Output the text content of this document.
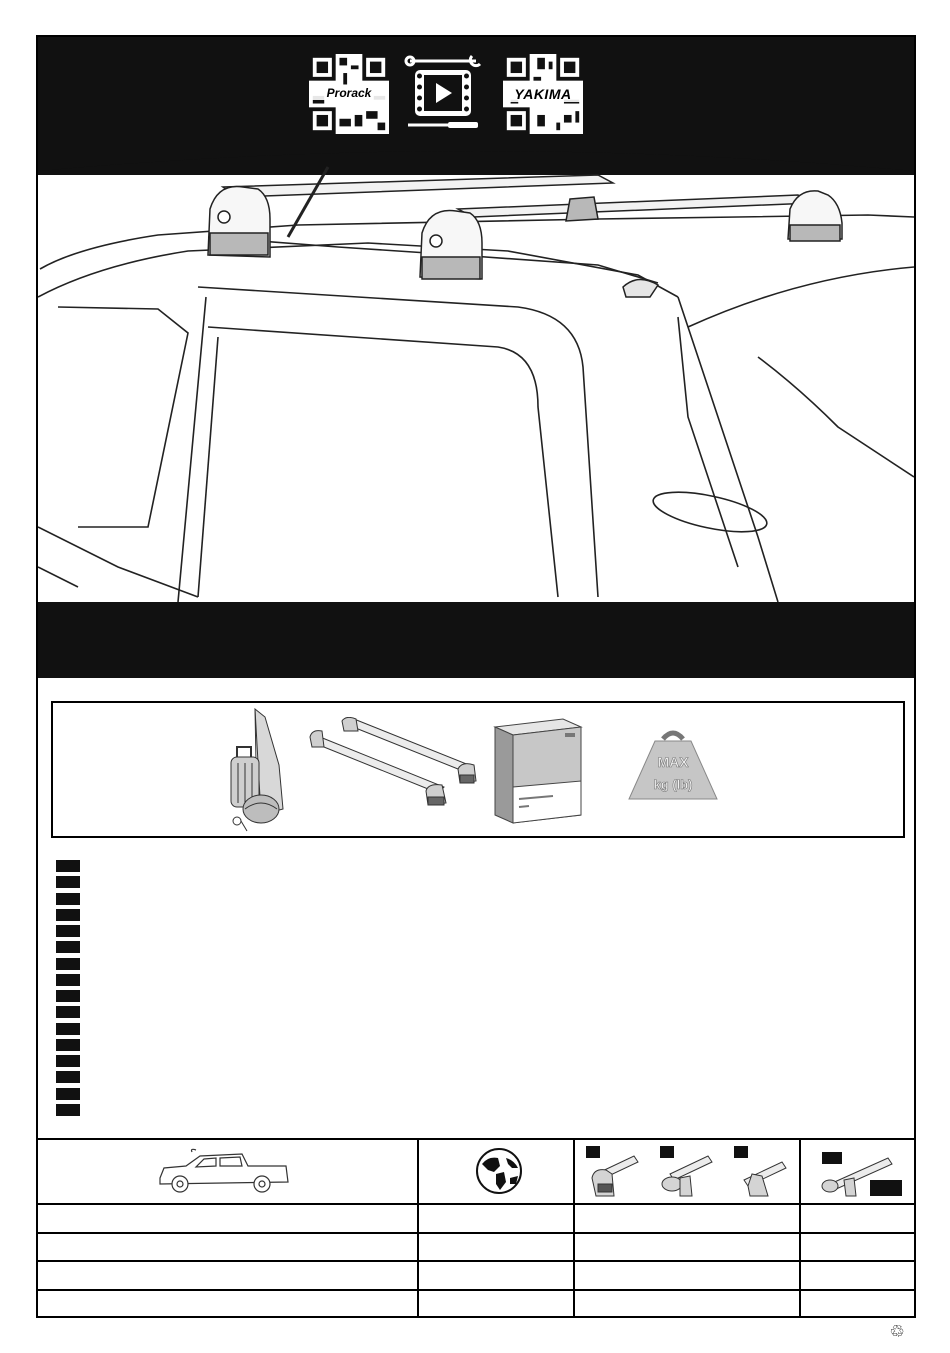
Prorack	YAKIMA
MAX
kg (lb)
♲
